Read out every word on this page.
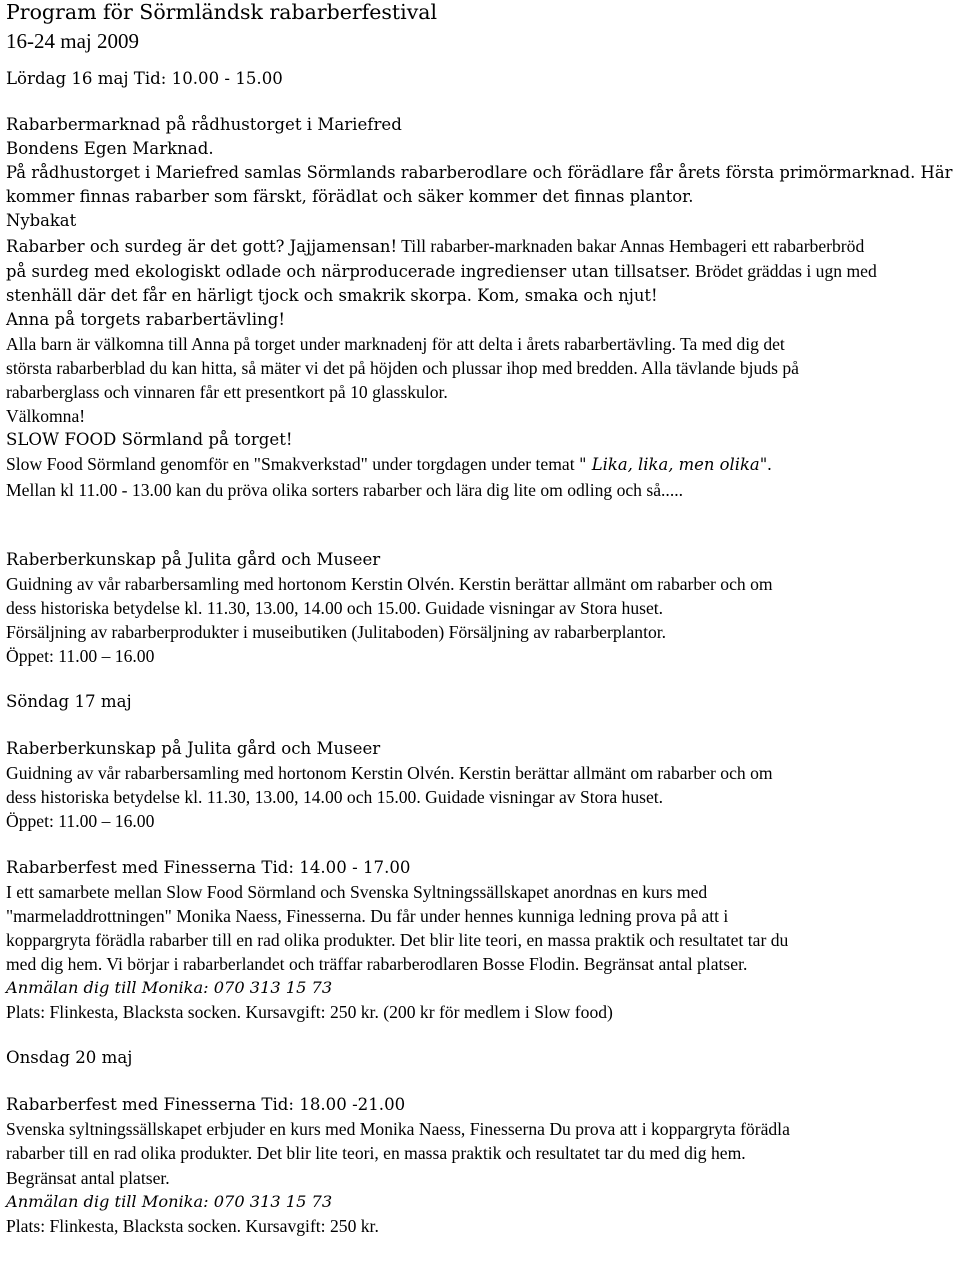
Program för Sörmländsk rabarberfestival
16-24 maj 2009
Lördag 16 maj Tid: 10.00 - 15.00
Rabarbermarknad på rådhustorget i Mariefred
Bondens Egen Marknad.
På rådhustorget i Mariefred samlas Sörmlands rabarberodlare och förädlare får årets första primörmarknad. Här
kommer finnas rabarber som färskt, förädlat och säker kommer det finnas plantor.
Nybakat
Rabarber och surdeg är det gott? Jajjamensan! Till rabarber-marknaden bakar Annas Hembageri ett rabarberbröd
på surdeg med ekologiskt odlade och närproducerade ingredienser utan tillsatser. Brödet gräddas i ugn med
stenhäll där det får en härligt tjock och smakrik skorpa. Kom, smaka och njut!
Anna på torgets rabarbertävling!
Alla barn är välkomna till Anna på torget under marknadenj för att delta i årets rabarbertävling. Ta med dig det
största rabarberblad du kan hitta, så mäter vi det på höjden och plussar ihop med bredden. Alla tävlande bjuds på
rabarberglass och vinnaren får ett presentkort på 10 glasskulor.
Välkomna!
SLOW FOOD Sörmland på torget!
Slow Food Sörmland genomför en "Smakverkstad" under torgdagen under temat " Lika, lika, men olika".
Mellan kl 11.00 - 13.00 kan du pröva olika sorters rabarber och lära dig lite om odling och så.....
Raberberkunskap på Julita gård och Museer
Guidning av vår rabarbersamling med hortonom Kerstin Olvén. Kerstin berättar allmänt om rabarber och om
dess historiska betydelse kl. 11.30, 13.00, 14.00 och 15.00. Guidade visningar av Stora huset.
Försäljning av rabarberprodukter i museibutiken (Julitaboden) Försäljning av rabarberplantor.
Öppet: 11.00 – 16.00
Söndag 17 maj
Raberberkunskap på Julita gård och Museer
Guidning av vår rabarbersamling med hortonom Kerstin Olvén. Kerstin berättar allmänt om rabarber och om
dess historiska betydelse kl. 11.30, 13.00, 14.00 och 15.00. Guidade visningar av Stora huset.
Öppet: 11.00 – 16.00
Rabarberfest med Finesserna Tid: 14.00 - 17.00
I ett samarbete mellan Slow Food Sörmland och Svenska Syltningssällskapet anordnas en kurs med
"marmeladdrottningen" Monika Naess, Finesserna. Du får under hennes kunniga ledning prova på att i
koppargryta förädla rabarber till en rad olika produkter. Det blir lite teori, en massa praktik och resultatet tar du
med dig hem. Vi börjar i rabarberlandet och träffar rabarberodlaren Bosse Flodin. Begränsat antal platser.
Anmälan dig till Monika: 070 313 15 73
Plats: Flinkesta, Blacksta socken. Kursavgift: 250 kr. (200 kr för medlem i Slow food)
Onsdag 20 maj
Rabarberfest med Finesserna Tid: 18.00 -21.00
Svenska syltningssällskapet erbjuder en kurs med Monika Naess, Finesserna Du prova att i koppargryta förädla
rabarber till en rad olika produkter. Det blir lite teori, en massa praktik och resultatet tar du med dig hem.
Begränsat antal platser.
Anmälan dig till Monika: 070 313 15 73
Plats: Flinkesta, Blacksta socken. Kursavgift: 250 kr.
